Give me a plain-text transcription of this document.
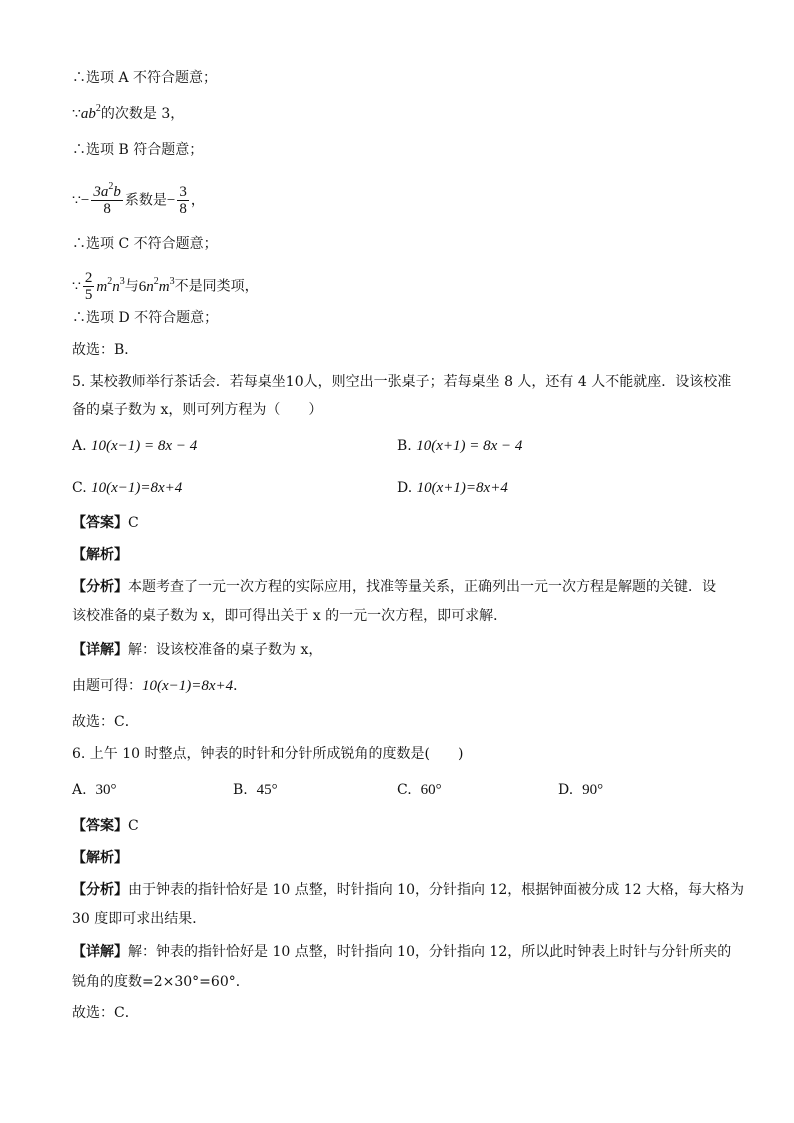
∴选项 A 不符合题意；
$\because ab^2$的次数是 3，
∴选项 B 符合题意；
∵− $\frac{3a^2b}{8}$ 系数是− $\frac{3}{8}$ ，
∴选项 C 不符合题意；
∵ $\frac{2}{5} m^2n^3$与$6n^2m^3$不是同类项，
∴选项 D 不符合题意；
故选：B．
5. 某校教师举行茶话会．若每桌坐10人，则空出一张桌子；若每桌坐 8 人，还有 4 人不能就座．设该校准
备的桌子数为 x，则可列方程为（　　）
A. 10(x−1) = 8x − 4	B. 10(x+1) = 8x − 4
C. 10(x−1)=8x+4	D. 10(x+1)=8x+4
【答案】C
【解析】
【分析】本题考查了一元一次方程的实际应用，找准等量关系，正确列出一元一次方程是解题的关键．设
该校准备的桌子数为 x，即可得出关于 x 的一元一次方程，即可求解．
【详解】解：设该校准备的桌子数为 x，
由题可得：10(x−1)=8x+4．
故选：C．
6. 上午 10 时整点，钟表的时针和分针所成锐角的度数是(　　)
A. 30°	B. 45°	C. 60°	D. 90°
【答案】C
【解析】
【分析】由于钟表的指针恰好是 10 点整，时针指向 10，分针指向 12，根据钟面被分成 12 大格，每大格为
30 度即可求出结果．
【详解】解：钟表的指针恰好是 10 点整，时针指向 10，分针指向 12，所以此时钟表上时针与分针所夹的
锐角的度数=2×30°=60°．
故选：C．
